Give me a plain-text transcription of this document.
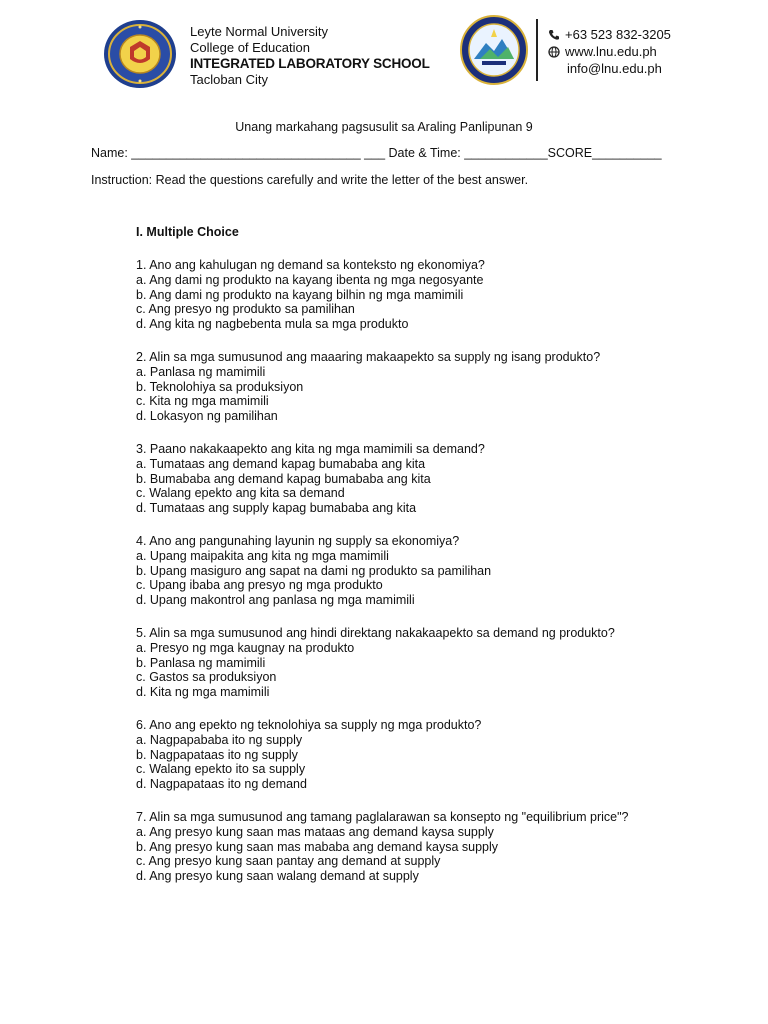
Leyte Normal University
College of Education
INTEGRATED LABORATORY SCHOOL
Tacloban City
+63 523 832-3205
www.lnu.edu.ph
info@lnu.edu.ph
Unang markahang pagsusulit sa Araling Panlipunan 9
Name: _________________________________ ___ Date & Time: ____________SCORE__________
Instruction: Read the questions carefully and write the letter of the best answer.
I. Multiple Choice
1. Ano ang kahulugan ng demand sa konteksto ng ekonomiya?
a. Ang dami ng produkto na kayang ibenta ng mga negosyante
b. Ang dami ng produkto na kayang bilhin ng mga mamimili
c. Ang presyo ng produkto sa pamilihan
d. Ang kita ng nagbebenta mula sa mga produkto
2. Alin sa mga sumusunod ang maaaring makaapekto sa supply ng isang produkto?
a. Panlasa ng mamimili
b. Teknolohiya sa produksiyon
c. Kita ng mga mamimili
d. Lokasyon ng pamilihan
3. Paano nakakaapekto ang kita ng mga mamimili sa demand?
a. Tumataas ang demand kapag bumababa ang kita
b. Bumababa ang demand kapag bumababa ang kita
c. Walang epekto ang kita sa demand
d. Tumataas ang supply kapag bumababa ang kita
4. Ano ang pangunahing layunin ng supply sa ekonomiya?
a. Upang maipakita ang kita ng mga mamimili
b. Upang masiguro ang sapat na dami ng produkto sa pamilihan
c. Upang ibaba ang presyo ng mga produkto
d. Upang makontrol ang panlasa ng mga mamimili
5. Alin sa mga sumusunod ang hindi direktang nakakaapekto sa demand ng produkto?
a. Presyo ng mga kaugnay na produkto
b. Panlasa ng mamimili
c. Gastos sa produksiyon
d. Kita ng mga mamimili
6. Ano ang epekto ng teknolohiya sa supply ng mga produkto?
a. Nagpapababa ito ng supply
b. Nagpapataas ito ng supply
c. Walang epekto ito sa supply
d. Nagpapataas ito ng demand
7. Alin sa mga sumusunod ang tamang paglalarawan sa konsepto ng "equilibrium price"?
a. Ang presyo kung saan mas mataas ang demand kaysa supply
b. Ang presyo kung saan mas mababa ang demand kaysa supply
c. Ang presyo kung saan pantay ang demand at supply
d. Ang presyo kung saan walang demand at supply
